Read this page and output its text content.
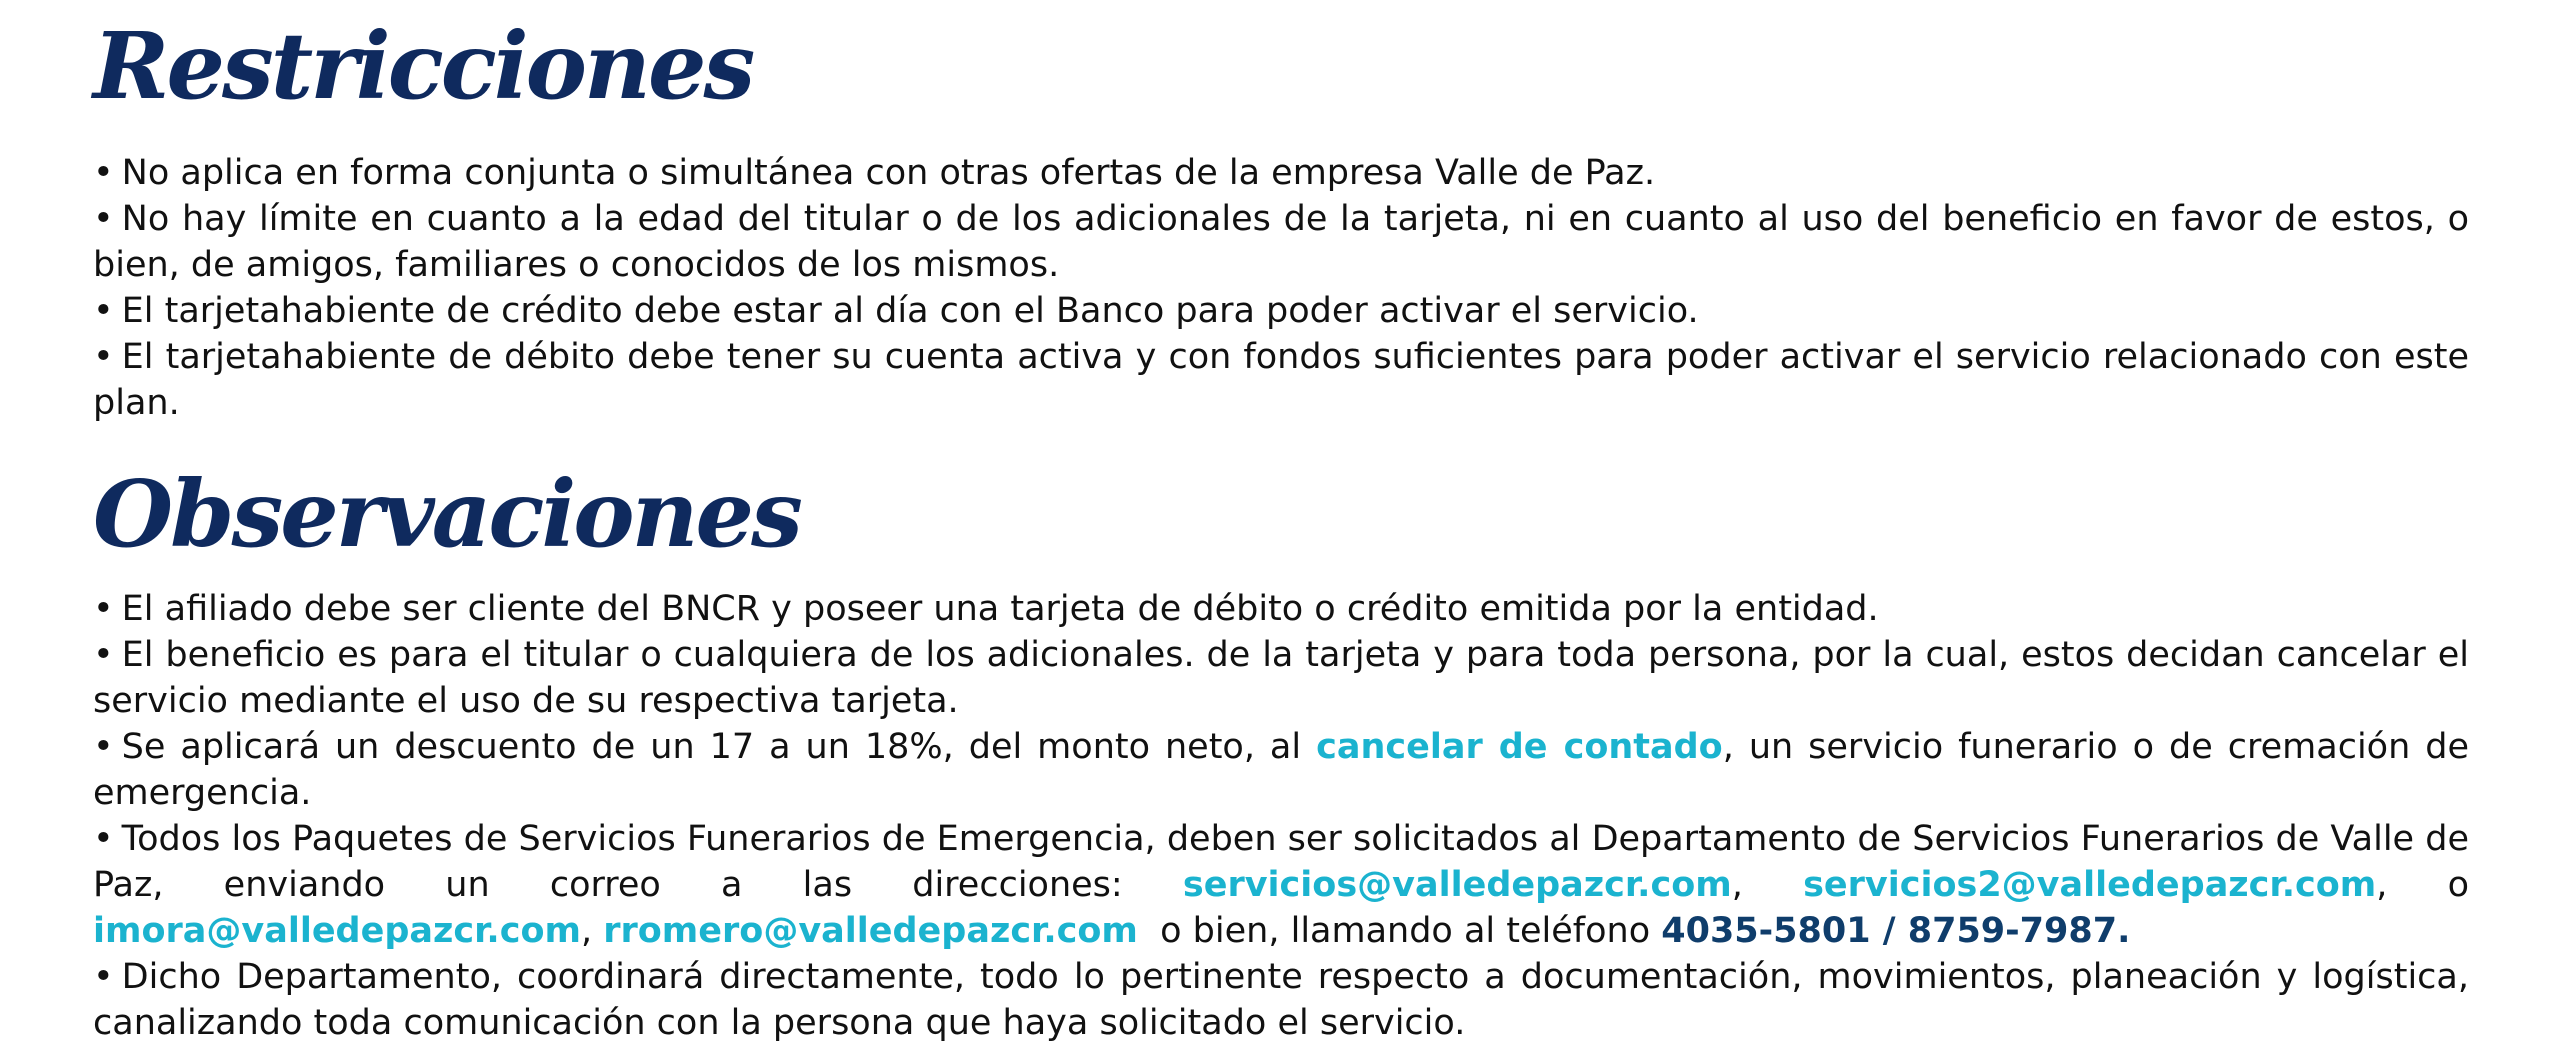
Restricciones

• No aplica en forma conjunta o simultánea con otras ofertas de la empresa Valle de Paz.

• No hay límite en cuanto a la edad del titular o de los adicionales de la tarjeta, ni en cuanto al uso del beneficio en favor de estos, o bien, de amigos, familiares o conocidos de los mismos.

• El tarjetahabiente de crédito debe estar al día con el Banco para poder activar el servicio.

• El tarjetahabiente de débito debe tener su cuenta activa y con fondos suficientes para poder activar el servicio relacionado con este plan.

Observaciones

• El afiliado debe ser cliente del BNCR y poseer una tarjeta de débito o crédito emitida por la entidad.

• El beneficio es para el titular o cualquiera de los adicionales. de la tarjeta y para toda persona, por la cual, estos decidan cancelar el servicio mediante el uso de su respectiva tarjeta.

• Se aplicará un descuento de un 17 a un 18%, del monto neto, al cancelar de contado, un servicio funerario o de cremación de emergencia.

• Todos los Paquetes de Servicios Funerarios de Emergencia, deben ser solicitados al Departamento de Servicios Funerarios de Valle de Paz, enviando un correo a las direcciones: servicios@valledepazcr.com, servicios2@valledepazcr.com, o imora@valledepazcr.com, rromero@valledepazcr.com  o bien, llamando al teléfono 4035-5801 / 8759-7987.

• Dicho Departamento, coordinará directamente, todo lo pertinente respecto a documentación, movimientos, planeación y logística, canalizando toda comunicación con la persona que haya solicitado el servicio.
